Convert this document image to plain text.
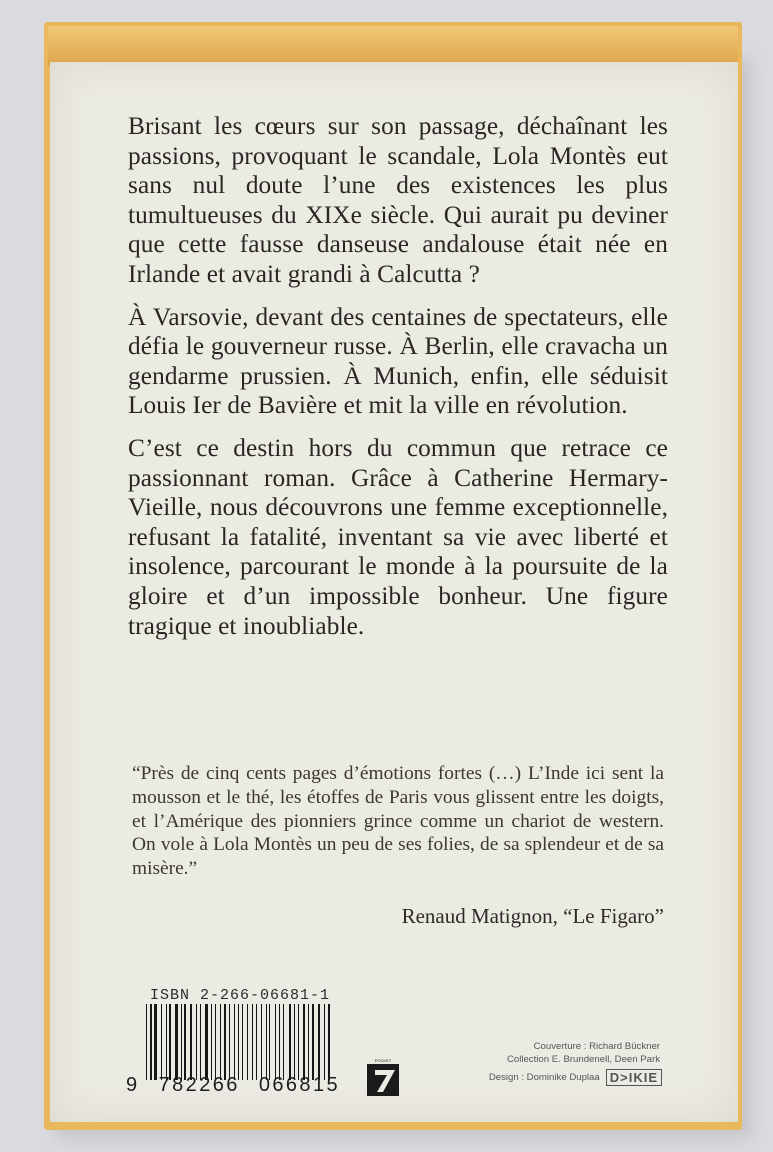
Brisant les cœurs sur son passage, déchaînant les passions, provoquant le scandale, Lola Montès eut sans nul doute l’une des existences les plus tumultueuses du XIXe siècle. Qui aurait pu deviner que cette fausse danseuse andalouse était née en Irlande et avait grandi à Calcutta ?

À Varsovie, devant des centaines de spectateurs, elle défia le gouverneur russe. À Berlin, elle cravacha un gendarme prussien. À Munich, enfin, elle séduisit Louis Ier de Bavière et mit la ville en révolution.

C’est ce destin hors du commun que retrace ce passionnant roman. Grâce à Catherine Hermary-Vieille, nous découvrons une femme exceptionnelle, refusant la fatalité, inventant sa vie avec liberté et insolence, parcourant le monde à la poursuite de la gloire et d’un impossible bonheur. Une figure tragique et inoubliable.

“Près de cinq cents pages d’émotions fortes (…) L’Inde ici sent la mousson et le thé, les étoffes de Paris vous glissent entre les doigts, et l’Amérique des pionniers grince comme un chariot de western. On vole à Lola Montès un peu de ses folies, de sa splendeur et de sa misère.”

Renaud Matignon, “Le Figaro”
ISBN 2-266-06681-1
9 782266 066815
POCKET
Couverture : Richard Bückner
Collection E. Brundenell, Deen Park
Design : Dominike Duplaa D>IKIE
